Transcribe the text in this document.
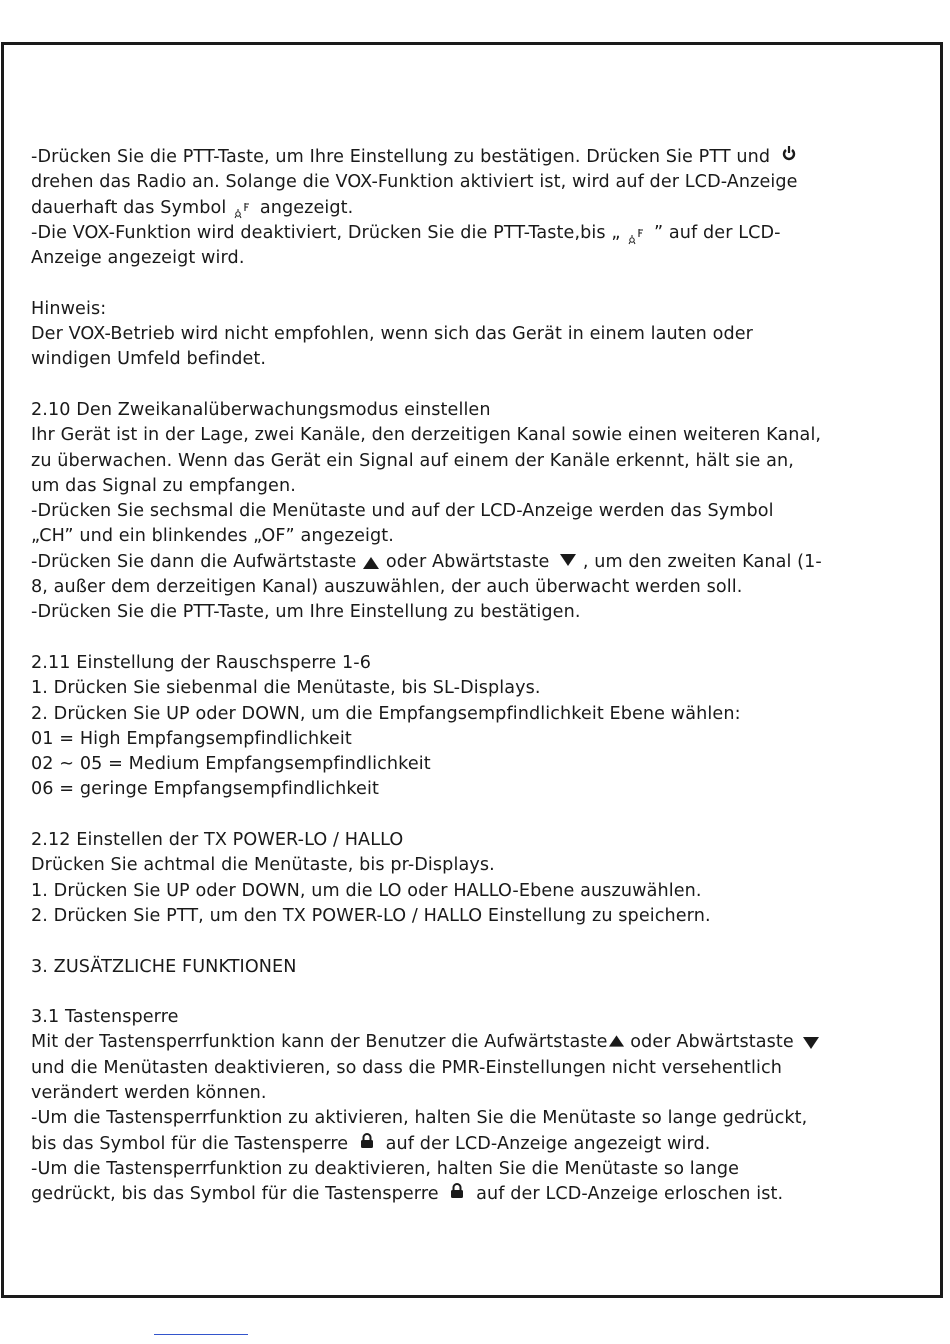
-Drücken Sie die PTT-Taste, um Ihre Einstellung zu bestätigen. Drücken Sie PTT und
drehen das Radio an. Solange die VOX-Funktion aktiviert ist, wird auf der LCD-Anzeige
dauerhaft das Symbol angezeigt.
-Die VOX-Funktion wird deaktiviert, Drücken Sie die PTT-Taste,bis „ ” auf der LCD-
Anzeige angezeigt wird.
Hinweis:
Der VOX-Betrieb wird nicht empfohlen, wenn sich das Gerät in einem lauten oder
windigen Umfeld befindet.
2.10 Den Zweikanalüberwachungsmodus einstellen
Ihr Gerät ist in der Lage, zwei Kanäle, den derzeitigen Kanal sowie einen weiteren Kanal,
zu überwachen. Wenn das Gerät ein Signal auf einem der Kanäle erkennt, hält sie an,
um das Signal zu empfangen.
-Drücken Sie sechsmal die Menütaste und auf der LCD-Anzeige werden das Symbol
„CH” und ein blinkendes „OF” angezeigt.
-Drücken Sie dann die Aufwärtstaste
oder Abwärtstaste
, um den zweiten Kanal (1-
8, außer dem derzeitigen Kanal) auszuwählen, der auch überwacht werden soll.
-Drücken Sie die PTT-Taste, um Ihre Einstellung zu bestätigen.
2.11 Einstellung der Rauschsperre 1-6
1. Drücken Sie siebenmal die Menütaste, bis SL-Displays.
2. Drücken Sie UP oder DOWN, um die Empfangsempfindlichkeit Ebene wählen:
01 = High Empfangsempfindlichkeit
02 ~ 05 = Medium Empfangsempfindlichkeit
06 = geringe Empfangsempfindlichkeit
2.12 Einstellen der TX POWER-LO / HALLO
Drücken Sie achtmal die Menütaste, bis pr-Displays.
1. Drücken Sie UP oder DOWN, um die LO oder HALLO-Ebene auszuwählen.
2. Drücken Sie PTT, um den TX POWER-LO / HALLO Einstellung zu speichern.
3. ZUSÄTZLICHE FUNKTIONEN
3.1 Tastensperre
Mit der Tastensperrfunktion kann der Benutzer die Aufwärtstaste oder Abwärtstaste
und die Menütasten deaktivieren, so dass die PMR-Einstellungen nicht versehentlich
verändert werden können.
-Um die Tastensperrfunktion zu aktivieren, halten Sie die Menütaste so lange gedrückt,
bis das Symbol für die Tastensperre auf der LCD-Anzeige angezeigt wird.
-Um die Tastensperrfunktion zu deaktivieren, halten Sie die Menütaste so lange
gedrückt, bis das Symbol für die Tastensperre auf der LCD-Anzeige erloschen ist.
